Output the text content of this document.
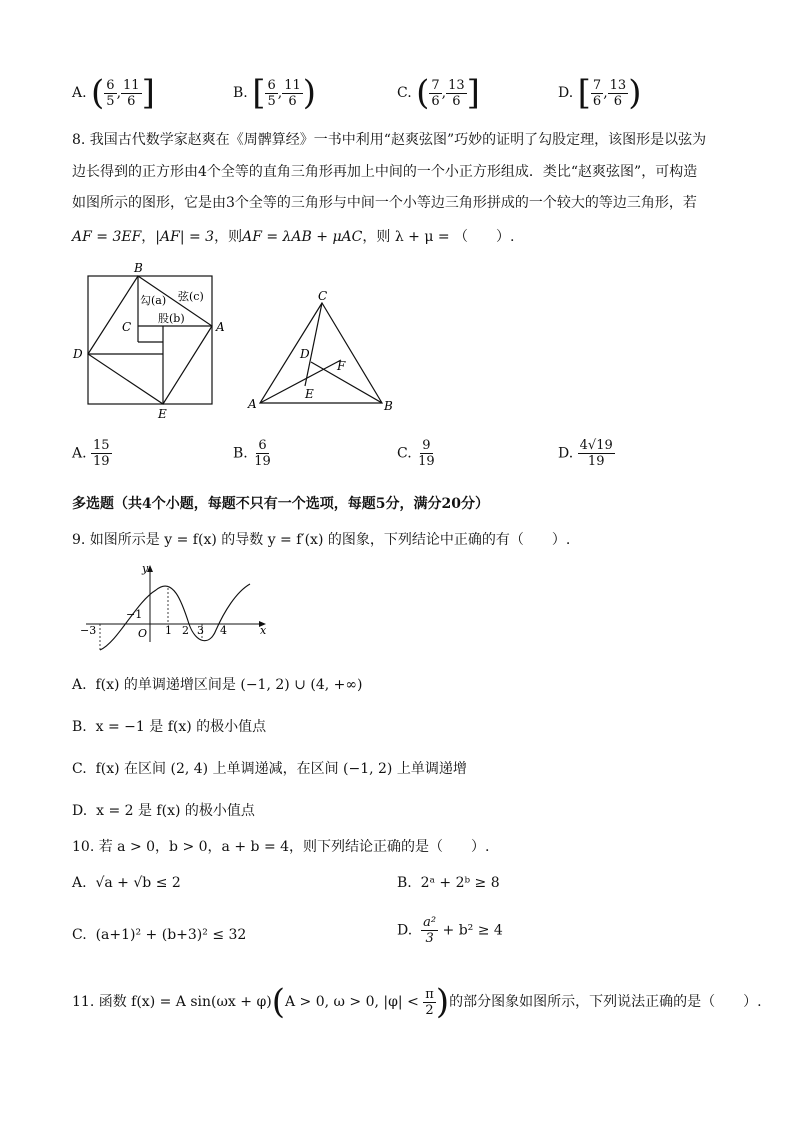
A. ( $\frac{6}{5}$ , $\frac{11}{6}$ ]	B. [ $\frac{6}{5}$ , $\frac{11}{6}$ )	C. ( $\frac{7}{6}$ , $\frac{13}{6}$ ]	D. [ $\frac{7}{6}$ , $\frac{13}{6}$ )
8. 我国古代数学家赵爽在《周髀算经》一书中利用“赵爽弦图”巧妙的证明了勾股定理，该图形是以弦为
边长得到的正方形由4个全等的直角三角形再加上中间的一个小正方形组成．类比“赵爽弦图”，可构造
如图所示的图形，它是由3个全等的三角形与中间一个小等边三角形拼成的一个较大的等边三角形，若
AF = 3EF，|AF| = 3，则AF = λAB + μAC，则 λ + μ = （　　）.
B
A
C
D
E
勾(a)
股(b)
弦(c)	C
D
F
E
A	B
A. $\frac{15}{19}$	B. $\frac{6}{19}$	C. $\frac{9}{19}$	D. $\frac{4√19}{19}$
多选题（共4个小题，每题不只有一个选项，每题5分，满分20分）
9. 如图所示是 y = f(x) 的导数 y = f′(x) 的图象，下列结论中正确的有（　　）.
y
x
O
−1
−3	1 2 3 4
A. f(x) 的单调递增区间是 (−1, 2) ∪ (4, +∞)
B. x = −1 是 f(x) 的极小值点
C. f(x) 在区间 (2, 4) 上单调递减，在区间 (−1, 2) 上单调递增
D. x = 2 是 f(x) 的极小值点
10. 若 a > 0，b > 0，a + b = 4，则下列结论正确的是（　　）.
A. √a + √b ≤ 2	B. 2ᵃ + 2ᵇ ≥ 8
C. (a+1)² + (b+3)² ≤ 32	D. $\frac{\text{a²}}{3} + b^2 \ge 4$
11. 函数 f(x) = A sin(ωx + φ)(A > 0, ω > 0, $|\varphi| < \frac{\pi}{2}$ )的部分图象如图所示，下列说法正确的是（　　）.
